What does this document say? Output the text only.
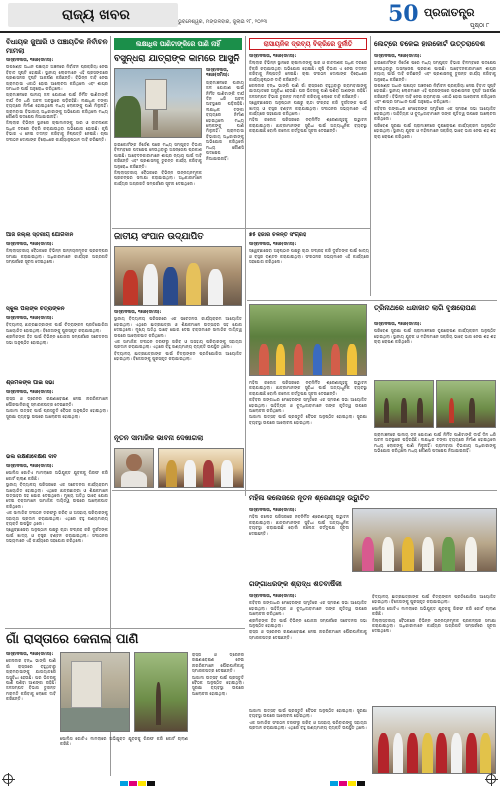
ରାଜ୍ୟ ଖବର	ଭୁବନେଶ୍ୱର, ମଙ୍ଗଳବାର, ଜୁଲାଇ ୧୮, ୨୦୨୩	50 ପ୍ରଜାତନ୍ତ୍ର
ପୃଷ୍ଠା ୮
ବିଧାୟକ ଜୁଆରି ଓ ପଞ୍ଚାୟତିକ ନିର୍ବାଚନ ମାମଲା

ସମ୍ବାଦଦାତା, ୧୭ା୭(ସମିସ):

ଉପଖଣ୍ଡ ଅଧୀନ ପଞ୍ଚାୟତ ଅଞ୍ଚଳରେ ନିର୍ବାଚନ ପ୍ରକ୍ରିୟା ନେଇ ବିବାଦ ସୃଷ୍ଟି ହୋଇଛି। ସ୍ଥାନୀୟ ଲୋକମାନେ ଏହି ପ୍ରସଙ୍ଗରେ ପ୍ରଶାସନର ଦୃଷ୍ଟି ଆକର୍ଷଣ କରିଛନ୍ତି। ବିଭିନ୍ନ ଦାବି ନେଇ ଗ୍ରାମବାସୀ ଏକାଠି ହୋଇ ଆଲୋଚନା କରିଥିଲେ ଏବଂ ଶୀଘ୍ର ସମାଧାନ ପାଇଁ ଅନୁରୋଧ କରିଥିଲେ।

ଗ୍ରାମାଞ୍ଚଳରେ ପାନୀୟ ଜଳ ଯୋଗାଣ ପାଇଁ ନିର୍ମିତ ପାଣିଟାଙ୍କି ଦୀର୍ଘ ଦିନ ଧରି ଅଚଳ ଅବସ୍ଥାରେ ପଡ଼ିରହିଛି। ଲକ୍ଷାଧିକ ଟଙ୍କା ବ୍ୟୟରେ ନିର୍ମାଣ ହୋଇଥିଲେ ମଧ୍ୟ ଲୋକଙ୍କୁ ପାଣି ମିଳୁନାହିଁ। ଗ୍ରାମବାସୀ ବିଭାଗୀୟ ଅଧିକାରୀଙ୍କୁ ଅଭିଯୋଗ କରିଥିଲେ ମଧ୍ୟ କୌଣସି ପଦକ୍ଷେପ ନିଆଯାଇନାହିଁ।

ଜିଲ୍ଲାର ବିଭିନ୍ନ ସ୍ଥାନରେ ଚାଷୀମାନଙ୍କୁ ସାର ଓ କୀଟନାଶକ ଅଧିକ ଦରରେ ବିକ୍ରି କରାଯାଉଥିବା ଅଭିଯୋଗ ହୋଇଛି। କୃଷି ବିଭାଗ ଏ ନେଇ ତଦନ୍ତ କରିବାକୁ ନିଷ୍ପତ୍ତି ନେଇଛି। ଚାଷୀ ସଂଗଠନ ଦୋଷୀଙ୍କ ବିରୋଧରେ କାର୍ଯ୍ୟାନୁଷ୍ଠାନ ଦାବି କରିଛନ୍ତି।

ଆଜି ଜିଲ୍ଲା ସ୍ତରୀୟ ଯୋଗଦାନ

ସମ୍ବାଦଦାତା, ୧୭ା୭(ସମିସ):

ଜିଲ୍ଲାସ୍ତରୀୟ ବୈଠକରେ ବିଭିନ୍ନ ଉନ୍ନୟନମୂଳକ ପ୍ରକଳ୍ପର ସମୀକ୍ଷା କରାଯାଇଥିଲା। ଅଧିକାରୀମାନେ କାର୍ଯ୍ୟର ଅଗ୍ରଗତି ସମ୍ପର୍କରେ ସୂଚନା ଦେଇଥିଲେ।

ସ୍କୁଲ ପିଲାଙ୍କ ଚିତ୍ରାଙ୍କନ

ସମ୍ବାଦଦାତା, ୧୭ା୭(ସମିସ):

ବିଦ୍ୟାଳୟ ଛାତ୍ରଛାତ୍ରୀଙ୍କ ପାଇଁ ଚିତ୍ରାଙ୍କନ ପ୍ରତିଯୋଗିତା ଆୟୋଜିତ ହୋଇଥିଲା। ବିଜେତାଙ୍କୁ ପୁରସ୍କୃତ କରାଯାଇଥିଲା।

ଶ୍ରମିକଙ୍କ ହିତ ପାଇଁ ବିଭିନ୍ନ ଯୋଜନା ସମ୍ପର୍କରେ ସଚେତନତା ସଭା ଅନୁଷ୍ଠିତ ହୋଇଥିଲା।

ଶ୍ରମିକଙ୍କ ପାଇଁ ସଭା

ସମ୍ବାଦଦାତା, ୧୭ା୭(ସମିସ):

ରାସ୍ତା ଓ ଡ୍ରେନର ରକ୍ଷଣାବେକ୍ଷଣ ନେଇ ନାଗରିକମାନେ ପୌରପାଳିକାକୁ ସ୍ମାରକପତ୍ର ଦେଇଛନ୍ତି।

ଆଗାମୀ ଉତ୍ସବ ପାଇଁ ପ୍ରସ୍ତୁତି ବୈଠକ ଅନୁଷ୍ଠିତ ହୋଇଥିଲା। ସୁରକ୍ଷା ବ୍ୟବସ୍ଥା ଉପରେ ଆଲୋଚନା ହୋଇଥିଲା।

ଭଲ ରକ୍ଷଣାବେକ୍ଷଣ ଦାବି

ସମ୍ବାଦଦାତା, ୧୭ା୭(ସମିସ):

ପୋଲିସ ଗୋଟିଏ ମାମଲାରେ ଅଭିଯୁକ୍ତ ଯୁବକକୁ ଗିରଫ କରି କୋର୍ଟ ଚାଲାଣ କରିଛି।

ସ୍ଥାନୀୟ ବିଦ୍ୟାଳୟ ପରିସରରେ ଏକ ସଚେତନତା କାର୍ଯ୍ୟକ୍ରମ ଆୟୋଜିତ ହୋଇଥିଲା। ଏଥିରେ ଛାତ୍ରଛାତ୍ରୀ ଓ ଶିକ୍ଷକମାନେ ଉତ୍ସାହର ସହ ଯୋଗ ଦେଇଥିଲେ। ମୁଖ୍ୟ ଅତିଥି ଭାବେ ଯୋଗ ଦେଇ ବକ୍ତାମାନେ ସାମାଜିକ ଦାୟିତ୍ୱ ଉପରେ ଆଲୋକପାତ କରିଥିଲେ।

ଏକ ସାମାଜିକ ସଂଗଠନ ତରଫରୁ ଗରିବ ଓ ଅସହାୟ ପରିବାରଙ୍କୁ ସହାୟତା ପ୍ରଦାନ କରାଯାଇଥିଲା। ଏଥିରେ ବହୁ ଗଣ୍ୟମାନ୍ୟ ବ୍ୟକ୍ତି ଉପସ୍ଥିତ ଥିଲେ।

ସ୍ୱେଚ୍ଛାସେବୀ ଅନୁଷ୍ଠାନ ପକ୍ଷରୁ ଚାନ୍ଦା ସଂଗ୍ରହ କରି ଦୁର୍ଗତଙ୍କ ପାଇଁ ଖାଦ୍ୟ ଓ ବସ୍ତ୍ର ବଣ୍ଟନ କରାଯାଇଥିଲା। ସଂଗଠନର ସଭ୍ୟମାନେ ଏହି କାର୍ଯ୍ୟରେ ସହଯୋଗ କରିଥିଲେ।

ଲକ୍ଷାଧିକ ପାଣିଟାଙ୍କିରେ ପାଣି ନାହିଁ
ବସୁନ୍ଧରା ଯାତ୍ରାଙ୍କ କାମରେ ଆସୁନି

ସମ୍ବାଦଦାତା, ୧୭ା୭(ସମିସ):

ଗ୍ରାମାଞ୍ଚଳରେ ପାନୀୟ ଜଳ ଯୋଗାଣ ପାଇଁ ନିର୍ମିତ ପାଣିଟାଙ୍କି ଦୀର୍ଘ ଦିନ ଧରି ଅଚଳ ଅବସ୍ଥାରେ ପଡ଼ିରହିଛି। ଲକ୍ଷାଧିକ ଟଙ୍କା ବ୍ୟୟରେ ନିର୍ମାଣ ହୋଇଥିଲେ ମଧ୍ୟ ଲୋକଙ୍କୁ ପାଣି ମିଳୁନାହିଁ। ଗ୍ରାମବାସୀ ବିଭାଗୀୟ ଅଧିକାରୀଙ୍କୁ ଅଭିଯୋଗ କରିଥିଲେ ମଧ୍ୟ କୌଣସି ପଦକ୍ଷେପ ନିଆଯାଇନାହିଁ।

ହାଇକୋର୍ଟଙ୍କ ନିର୍ଦ୍ଦେଶ ପରେ ମଧ୍ୟ ସମ୍ପୃକ୍ତ ବିଭାଗ ବିଳମ୍ବରେ ପଦକ୍ଷେପ ନେଉଥିବାରୁ ଅସନ୍ତୋଷ ପ୍ରକାଶ ପାଇଛି। ଆବେଦନକାରୀମାନେ ଶୀଘ୍ର ନ୍ୟାୟ ପାଇଁ ଦାବି କରିଛନ୍ତି ଏବଂ ପ୍ରଶାସନକୁ ତୁରନ୍ତ କାର୍ଯ୍ୟ କରିବାକୁ ଅନୁରୋଧ କରିଛନ୍ତି।

ଜିଲ୍ଲାସ୍ତରୀୟ ବୈଠକରେ ବିଭିନ୍ନ ଉନ୍ନୟନମୂଳକ ପ୍ରକଳ୍ପର ସମୀକ୍ଷା କରାଯାଇଥିଲା। ଅଧିକାରୀମାନେ କାର୍ଯ୍ୟର ଅଗ୍ରଗତି ସମ୍ପର୍କରେ ସୂଚନା ଦେଇଥିଲେ।

ରାସାୟନିକ ଦ୍ରବ୍ୟ ବିକ୍ରିରେ ଦୁର୍ନୀତି

ସମ୍ବାଦଦାତା, ୧୭ା୭(ସମିସ):

ଜିଲ୍ଲାର ବିଭିନ୍ନ ସ୍ଥାନରେ ଚାଷୀମାନଙ୍କୁ ସାର ଓ କୀଟନାଶକ ଅଧିକ ଦରରେ ବିକ୍ରି କରାଯାଉଥିବା ଅଭିଯୋଗ ହୋଇଛି। କୃଷି ବିଭାଗ ଏ ନେଇ ତଦନ୍ତ କରିବାକୁ ନିଷ୍ପତ୍ତି ନେଇଛି। ଚାଷୀ ସଂଗଠନ ଦୋଷୀଙ୍କ ବିରୋଧରେ କାର୍ଯ୍ୟାନୁଷ୍ଠାନ ଦାବି କରିଛନ୍ତି।

କେନାଲର ବନ୍ଧ ଭାଙ୍ଗି ପାଣି ଗାଁ ରାସ୍ତାରେ ବହୁଥିବାରୁ ଗ୍ରାମବାସୀଙ୍କୁ ଯାତାୟାତରେ ଅସୁବିଧା ହେଉଛି। ଘର ଭିତରକୁ ପାଣି ପଶିବା ଆଶଙ୍କା ରହିଛି। ଜଳସମ୍ପଦ ବିଭାଗ ତୁରନ୍ତ ମରାମତି କରିବାକୁ ଲୋକେ ଦାବି କରିଛନ୍ତି।

ସ୍ୱେଚ୍ଛାସେବୀ ଅନୁଷ୍ଠାନ ପକ୍ଷରୁ ଚାନ୍ଦା ସଂଗ୍ରହ କରି ଦୁର୍ଗତଙ୍କ ପାଇଁ ଖାଦ୍ୟ ଓ ବସ୍ତ୍ର ବଣ୍ଟନ କରାଯାଇଥିଲା। ସଂଗଠନର ସଭ୍ୟମାନେ ଏହି କାର୍ଯ୍ୟରେ ସହଯୋଗ କରିଥିଲେ।

ମହିଳା କଲେଜ ପରିସରରେ ନବନିର୍ମିତ ଶ୍ରେଣୀଗୃହକୁ ଉଦ୍ଘାଟନ କରାଯାଇଥିଲା। ଛାତ୍ରୀମାନଙ୍କ ସୁବିଧା ପାଇଁ ଅତ୍ୟାଧୁନିକ ବ୍ୟବସ୍ଥା କରାଯାଇଛି ବୋଲି କଲେଜ କର୍ତ୍ତୃପକ୍ଷ ସୂଚନା ଦେଇଛନ୍ତି।

ଲେଟ୍ରେ ଚଳେଇ ହାରକୋର୍ଟ ଉତ୍ତରାଦେଶ

ସମ୍ବାଦଦାତା, ୧୭ା୭(ସମିସ):

ହାଇକୋର୍ଟଙ୍କ ନିର୍ଦ୍ଦେଶ ପରେ ମଧ୍ୟ ସମ୍ପୃକ୍ତ ବିଭାଗ ବିଳମ୍ବରେ ପଦକ୍ଷେପ ନେଉଥିବାରୁ ଅସନ୍ତୋଷ ପ୍ରକାଶ ପାଇଛି। ଆବେଦନକାରୀମାନେ ଶୀଘ୍ର ନ୍ୟାୟ ପାଇଁ ଦାବି କରିଛନ୍ତି ଏବଂ ପ୍ରଶାସନକୁ ତୁରନ୍ତ କାର୍ଯ୍ୟ କରିବାକୁ ଅନୁରୋଧ କରିଛନ୍ତି।

ଉପଖଣ୍ଡ ଅଧୀନ ପଞ୍ଚାୟତ ଅଞ୍ଚଳରେ ନିର୍ବାଚନ ପ୍ରକ୍ରିୟା ନେଇ ବିବାଦ ସୃଷ୍ଟି ହୋଇଛି। ସ୍ଥାନୀୟ ଲୋକମାନେ ଏହି ପ୍ରସଙ୍ଗରେ ପ୍ରଶାସନର ଦୃଷ୍ଟି ଆକର୍ଷଣ କରିଛନ୍ତି। ବିଭିନ୍ନ ଦାବି ନେଇ ଗ୍ରାମବାସୀ ଏକାଠି ହୋଇ ଆଲୋଚନା କରିଥିଲେ ଏବଂ ଶୀଘ୍ର ସମାଧାନ ପାଇଁ ଅନୁରୋଧ କରିଥିଲେ।

କବିବର ଗଙ୍ଗାଧର ମେହେରଙ୍କ ସ୍ମୃତିରେ ଏକ ସ୍ମରଣ ସଭା ଆୟୋଜିତ ହୋଇଥିଲା। ସାହିତ୍ୟିକ ଓ ବୁଦ୍ଧିଜୀବୀମାନେ ତାଙ୍କ କୃତିତ୍ୱ ଉପରେ ଆଲୋଚନା କରିଥିଲେ।

ପରିବେଶ ସୁରକ୍ଷା ପାଇଁ ଗ୍ରାମାଞ୍ଚଳରେ ବୃକ୍ଷରୋପଣ କାର୍ଯ୍ୟକ୍ରମ ଅନୁଷ୍ଠିତ ହୋଇଥିଲା। ସ୍ଥାନୀୟ ଯୁବକ ଓ ମହିଳାମାନେ ସକ୍ରିୟ ଭାବେ ଭାଗ ନେଇ ଶହ ଶହ ଚାରା ରୋପଣ କରିଥିଲେ।

ଜାତୀୟ ସଂପାନ ଉଦ୍ଯାପିତ

ସମ୍ବାଦଦାତା, ୧୭ା୭(ସମିସ):

ସ୍ଥାନୀୟ ବିଦ୍ୟାଳୟ ପରିସରରେ ଏକ ସଚେତନତା କାର୍ଯ୍ୟକ୍ରମ ଆୟୋଜିତ ହୋଇଥିଲା। ଏଥିରେ ଛାତ୍ରଛାତ୍ରୀ ଓ ଶିକ୍ଷକମାନେ ଉତ୍ସାହର ସହ ଯୋଗ ଦେଇଥିଲେ। ମୁଖ୍ୟ ଅତିଥି ଭାବେ ଯୋଗ ଦେଇ ବକ୍ତାମାନେ ସାମାଜିକ ଦାୟିତ୍ୱ ଉପରେ ଆଲୋକପାତ କରିଥିଲେ।

ଏକ ସାମାଜିକ ସଂଗଠନ ତରଫରୁ ଗରିବ ଓ ଅସହାୟ ପରିବାରଙ୍କୁ ସହାୟତା ପ୍ରଦାନ କରାଯାଇଥିଲା। ଏଥିରେ ବହୁ ଗଣ୍ୟମାନ୍ୟ ବ୍ୟକ୍ତି ଉପସ୍ଥିତ ଥିଲେ।

ବିଦ୍ୟାଳୟ ଛାତ୍ରଛାତ୍ରୀଙ୍କ ପାଇଁ ଚିତ୍ରାଙ୍କନ ପ୍ରତିଯୋଗିତା ଆୟୋଜିତ ହୋଇଥିଲା। ବିଜେତାଙ୍କୁ ପୁରସ୍କୃତ କରାଯାଇଥିଲା।

ନୂତନ ସାମାଜିକ ଭାବନା ଦେଖାଗଲା
୭୫ ହଜାର ଚଳନ୍ତି ସଂଗ୍ରହ

ସମ୍ବାଦଦାତା, ୧୭ା୭(ସମିସ):

ସ୍ୱେଚ୍ଛାସେବୀ ଅନୁଷ୍ଠାନ ପକ୍ଷରୁ ଚାନ୍ଦା ସଂଗ୍ରହ କରି ଦୁର୍ଗତଙ୍କ ପାଇଁ ଖାଦ୍ୟ ଓ ବସ୍ତ୍ର ବଣ୍ଟନ କରାଯାଇଥିଲା। ସଂଗଠନର ସଭ୍ୟମାନେ ଏହି କାର୍ଯ୍ୟରେ ସହଯୋଗ କରିଥିଲେ।

ତ୍ରିନାଥରେ ଧନ୍ଦାଜାତ ଲାଗି ବୃକ୍ଷରୋପଣ

ସମ୍ବାଦଦାତା, ୧୭ା୭(ସମିସ):

ପରିବେଶ ସୁରକ୍ଷା ପାଇଁ ଗ୍ରାମାଞ୍ଚଳରେ ବୃକ୍ଷରୋପଣ କାର୍ଯ୍ୟକ୍ରମ ଅନୁଷ୍ଠିତ ହୋଇଥିଲା। ସ୍ଥାନୀୟ ଯୁବକ ଓ ମହିଳାମାନେ ସକ୍ରିୟ ଭାବେ ଭାଗ ନେଇ ଶହ ଶହ ଚାରା ରୋପଣ କରିଥିଲେ।

ମହିଳା କଲେଜ ପରିସରରେ ନବନିର୍ମିତ ଶ୍ରେଣୀଗୃହକୁ ଉଦ୍ଘାଟନ କରାଯାଇଥିଲା। ଛାତ୍ରୀମାନଙ୍କ ସୁବିଧା ପାଇଁ ଅତ୍ୟାଧୁନିକ ବ୍ୟବସ୍ଥା କରାଯାଇଛି ବୋଲି କଲେଜ କର୍ତ୍ତୃପକ୍ଷ ସୂଚନା ଦେଇଛନ୍ତି।

କବିବର ଗଙ୍ଗାଧର ମେହେରଙ୍କ ସ୍ମୃତିରେ ଏକ ସ୍ମରଣ ସଭା ଆୟୋଜିତ ହୋଇଥିଲା। ସାହିତ୍ୟିକ ଓ ବୁଦ୍ଧିଜୀବୀମାନେ ତାଙ୍କ କୃତିତ୍ୱ ଉପରେ ଆଲୋଚନା କରିଥିଲେ।

ଆଗାମୀ ଉତ୍ସବ ପାଇଁ ପ୍ରସ୍ତୁତି ବୈଠକ ଅନୁଷ୍ଠିତ ହୋଇଥିଲା। ସୁରକ୍ଷା ବ୍ୟବସ୍ଥା ଉପରେ ଆଲୋଚନା ହୋଇଥିଲା।

ଗ୍ରାମାଞ୍ଚଳରେ ପାନୀୟ ଜଳ ଯୋଗାଣ ପାଇଁ ନିର୍ମିତ ପାଣିଟାଙ୍କି ଦୀର୍ଘ ଦିନ ଧରି ଅଚଳ ଅବସ୍ଥାରେ ପଡ଼ିରହିଛି। ଲକ୍ଷାଧିକ ଟଙ୍କା ବ୍ୟୟରେ ନିର୍ମାଣ ହୋଇଥିଲେ ମଧ୍ୟ ଲୋକଙ୍କୁ ପାଣି ମିଳୁନାହିଁ। ଗ୍ରାମବାସୀ ବିଭାଗୀୟ ଅଧିକାରୀଙ୍କୁ ଅଭିଯୋଗ କରିଥିଲେ ମଧ୍ୟ କୌଣସି ପଦକ୍ଷେପ ନିଆଯାଇନାହିଁ।

ମହିଳା କଲେଜରେ ନୂତନ ଶ୍ରେଣୀଗୃହ ଉଦ୍ଘାଟିତ

ସମ୍ବାଦଦାତା, ୧୭ା୭(ସମିସ):

ମହିଳା କଲେଜ ପରିସରରେ ନବନିର୍ମିତ ଶ୍ରେଣୀଗୃହକୁ ଉଦ୍ଘାଟନ କରାଯାଇଥିଲା। ଛାତ୍ରୀମାନଙ୍କ ସୁବିଧା ପାଇଁ ଅତ୍ୟାଧୁନିକ ବ୍ୟବସ୍ଥା କରାଯାଇଛି ବୋଲି କଲେଜ କର୍ତ୍ତୃପକ୍ଷ ସୂଚନା ଦେଇଛନ୍ତି।

ଗଙ୍ଗାଧରଙ୍କ ଶ୍ରାଦ୍ଧ ଶତବାର୍ଷିକୀ

ସମ୍ବାଦଦାତା, ୧୭ା୭(ସମିସ):

କବିବର ଗଙ୍ଗାଧର ମେହେରଙ୍କ ସ୍ମୃତିରେ ଏକ ସ୍ମରଣ ସଭା ଆୟୋଜିତ ହୋଇଥିଲା। ସାହିତ୍ୟିକ ଓ ବୁଦ୍ଧିଜୀବୀମାନେ ତାଙ୍କ କୃତିତ୍ୱ ଉପରେ ଆଲୋଚନା କରିଥିଲେ।

ଶ୍ରମିକଙ୍କ ହିତ ପାଇଁ ବିଭିନ୍ନ ଯୋଜନା ସମ୍ପର୍କରେ ସଚେତନତା ସଭା ଅନୁଷ୍ଠିତ ହୋଇଥିଲା।

ରାସ୍ତା ଓ ଡ୍ରେନର ରକ୍ଷଣାବେକ୍ଷଣ ନେଇ ନାଗରିକମାନେ ପୌରପାଳିକାକୁ ସ୍ମାରକପତ୍ର ଦେଇଛନ୍ତି।

ବିଦ୍ୟାଳୟ ଛାତ୍ରଛାତ୍ରୀଙ୍କ ପାଇଁ ଚିତ୍ରାଙ୍କନ ପ୍ରତିଯୋଗିତା ଆୟୋଜିତ ହୋଇଥିଲା। ବିଜେତାଙ୍କୁ ପୁରସ୍କୃତ କରାଯାଇଥିଲା।

ପୋଲିସ ଗୋଟିଏ ମାମଲାରେ ଅଭିଯୁକ୍ତ ଯୁବକକୁ ଗିରଫ କରି କୋର୍ଟ ଚାଲାଣ କରିଛି।

ଜିଲ୍ଲାସ୍ତରୀୟ ବୈଠକରେ ବିଭିନ୍ନ ଉନ୍ନୟନମୂଳକ ପ୍ରକଳ୍ପର ସମୀକ୍ଷା କରାଯାଇଥିଲା। ଅଧିକାରୀମାନେ କାର୍ଯ୍ୟର ଅଗ୍ରଗତି ସମ୍ପର୍କରେ ସୂଚନା ଦେଇଥିଲେ।

ଆଗାମୀ ଉତ୍ସବ ପାଇଁ ପ୍ରସ୍ତୁତି ବୈଠକ ଅନୁଷ୍ଠିତ ହୋଇଥିଲା। ସୁରକ୍ଷା ବ୍ୟବସ୍ଥା ଉପରେ ଆଲୋଚନା ହୋଇଥିଲା।

ଏକ ସାମାଜିକ ସଂଗଠନ ତରଫରୁ ଗରିବ ଓ ଅସହାୟ ପରିବାରଙ୍କୁ ସହାୟତା ପ୍ରଦାନ କରାଯାଇଥିଲା। ଏଥିରେ ବହୁ ଗଣ୍ୟମାନ୍ୟ ବ୍ୟକ୍ତି ଉପସ୍ଥିତ ଥିଲେ।

ଗାଁ ରାସ୍ତାରେ କେନାଲ ପାଣି

ସମ୍ବାଦଦାତା, ୧୭ା୭(ସମିସ):

କେନାଲର ବନ୍ଧ ଭାଙ୍ଗି ପାଣି ଗାଁ ରାସ୍ତାରେ ବହୁଥିବାରୁ ଗ୍ରାମବାସୀଙ୍କୁ ଯାତାୟାତରେ ଅସୁବିଧା ହେଉଛି। ଘର ଭିତରକୁ ପାଣି ପଶିବା ଆଶଙ୍କା ରହିଛି। ଜଳସମ୍ପଦ ବିଭାଗ ତୁରନ୍ତ ମରାମତି କରିବାକୁ ଲୋକେ ଦାବି କରିଛନ୍ତି।

ରାସ୍ତା ଓ ଡ୍ରେନର ରକ୍ଷଣାବେକ୍ଷଣ ନେଇ ନାଗରିକମାନେ ପୌରପାଳିକାକୁ ସ୍ମାରକପତ୍ର ଦେଇଛନ୍ତି।

ଆଗାମୀ ଉତ୍ସବ ପାଇଁ ପ୍ରସ୍ତୁତି ବୈଠକ ଅନୁଷ୍ଠିତ ହୋଇଥିଲା। ସୁରକ୍ଷା ବ୍ୟବସ୍ଥା ଉପରେ ଆଲୋଚନା ହୋଇଥିଲା।

ପୋଲିସ ଗୋଟିଏ ମାମଲାରେ ଅଭିଯୁକ୍ତ ଯୁବକକୁ ଗିରଫ କରି କୋର୍ଟ ଚାଲାଣ କରିଛି।
